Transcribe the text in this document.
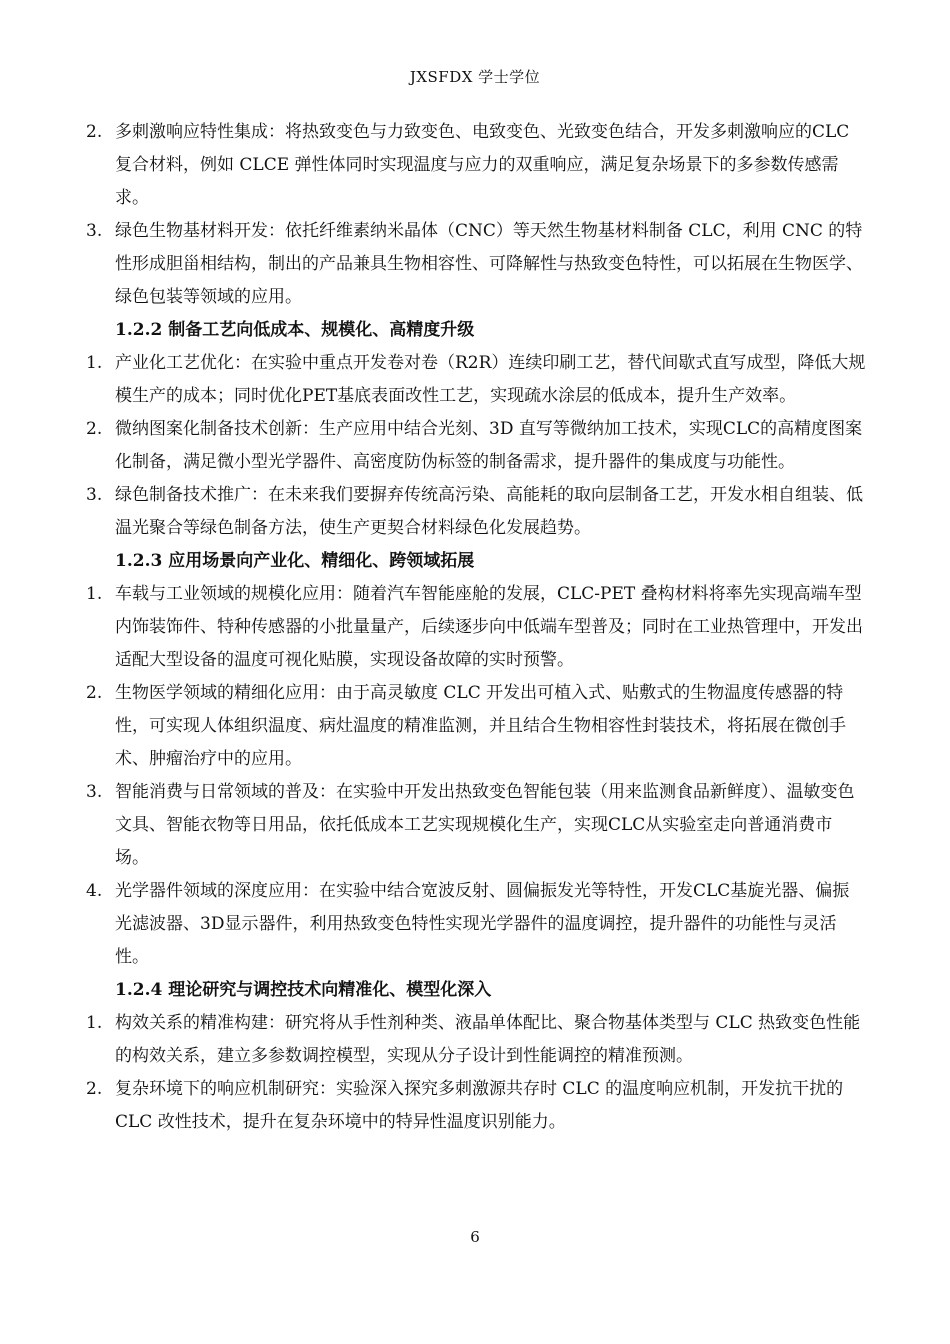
JXSFDX 学士学位
2. 多刺激响应特性集成：将热致变色与力致变色、电致变色、光致变色结合，开发多刺激响应的CLC复合材料，例如 CLCE 弹性体同时实现温度与应力的双重响应，满足复杂场景下的多参数传感需求。
3. 绿色生物基材料开发：依托纤维素纳米晶体（CNC）等天然生物基材料制备 CLC，利用 CNC 的特性形成胆甾相结构，制出的产品兼具生物相容性、可降解性与热致变色特性，可以拓展在生物医学、绿色包装等领域的应用。
1.2.2 制备工艺向低成本、规模化、高精度升级
1. 产业化工艺优化：在实验中重点开发卷对卷（R2R）连续印刷工艺，替代间歇式直写成型，降低大规模生产的成本；同时优化PET基底表面改性工艺，实现疏水涂层的低成本，提升生产效率。
2. 微纳图案化制备技术创新：生产应用中结合光刻、3D 直写等微纳加工技术，实现CLC的高精度图案化制备，满足微小型光学器件、高密度防伪标签的制备需求，提升器件的集成度与功能性。
3. 绿色制备技术推广：在未来我们要摒弃传统高污染、高能耗的取向层制备工艺，开发水相自组装、低温光聚合等绿色制备方法，使生产更契合材料绿色化发展趋势。
1.2.3 应用场景向产业化、精细化、跨领域拓展
1. 车载与工业领域的规模化应用：随着汽车智能座舱的发展，CLC-PET 叠构材料将率先实现高端车型内饰装饰件、特种传感器的小批量量产，后续逐步向中低端车型普及；同时在工业热管理中，开发出适配大型设备的温度可视化贴膜，实现设备故障的实时预警。
2. 生物医学领域的精细化应用：由于高灵敏度 CLC 开发出可植入式、贴敷式的生物温度传感器的特性，可实现人体组织温度、病灶温度的精准监测，并且结合生物相容性封装技术，将拓展在微创手术、肿瘤治疗中的应用。
3. 智能消费与日常领域的普及：在实验中开发出热致变色智能包装（用来监测食品新鲜度）、温敏变色文具、智能衣物等日用品，依托低成本工艺实现规模化生产，实现CLC从实验室走向普通消费市场。
4. 光学器件领域的深度应用：在实验中结合宽波反射、圆偏振发光等特性，开发CLC基旋光器、偏振光滤波器、3D显示器件，利用热致变色特性实现光学器件的温度调控，提升器件的功能性与灵活性。
1.2.4 理论研究与调控技术向精准化、模型化深入
1. 构效关系的精准构建：研究将从手性剂种类、液晶单体配比、聚合物基体类型与 CLC 热致变色性能的构效关系，建立多参数调控模型，实现从分子设计到性能调控的精准预测。
2. 复杂环境下的响应机制研究：实验深入探究多刺激源共存时 CLC 的温度响应机制，开发抗干扰的 CLC 改性技术，提升在复杂环境中的特异性温度识别能力。
6
